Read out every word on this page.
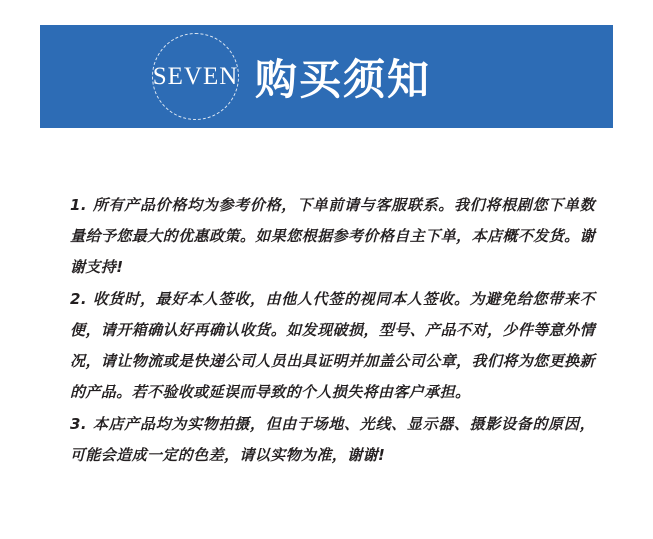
SEVEN 购买须知

1. 所有产品价格均为参考价格，下单前请与客服联系。我们将根剧您下单数量给予您最大的优惠政策。如果您根据参考价格自主下单，本店概不发货。谢谢支持!

2. 收货时，最好本人签收，由他人代签的视同本人签收。为避免给您带来不便，请开箱确认好再确认收货。如发现破损，型号、产品不对，少件等意外情况，请让物流或是快递公司人员出具证明并加盖公司公章，我们将为您更换新的产品。若不验收或延误而导致的个人损失将由客户承担。

3. 本店产品均为实物拍摄，但由于场地、光线、显示器、摄影设备的原因，可能会造成一定的色差，请以实物为准，谢谢!
